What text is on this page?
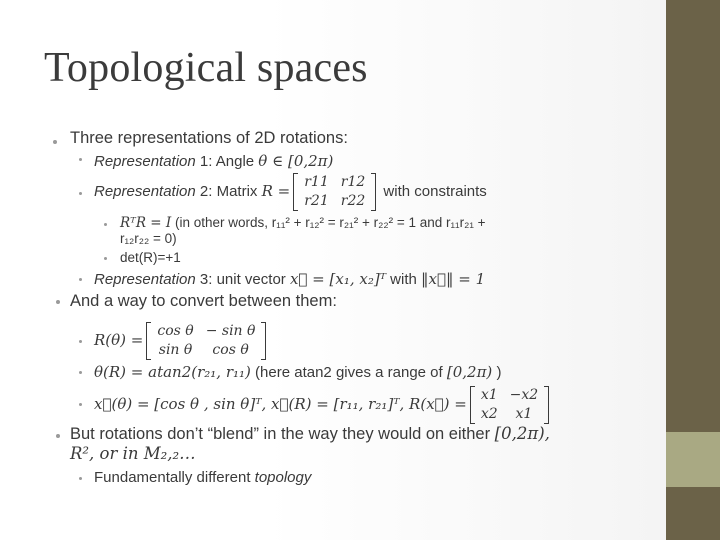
Topological spaces
Three representations of 2D rotations:
Representation 1: Angle θ ∈ [0,2π)
Representation 2: Matrix R = r11	r12
r21	r22
with constraints
RᵀR = I (in other words, r₁₁² + r₁₂² = r₂₁² + r₂₂² = 1 and r₁₁r₂₁ +
r₁₂r₂₂ = 0)
det(R)=+1
Representation 3: unit vector x⃗ = [x₁, x₂]ᵀ with ‖x⃗‖ = 1
And a way to convert between them:
R(θ) = cos θ	− sin θ
sin θ	cos θ
θ(R) = atan2(r₂₁, r₁₁) (here atan2 gives a range of [0,2π) )
x⃗(θ) = [cos θ , sin θ]ᵀ, x⃗(R) = [r₁₁, r₂₁]ᵀ, R(x⃗) = x1	−x2
x2	x1
But rotations don’t “blend” in the way they would on either [0,2π),
R², or in M₂,₂…
Fundamentally different topology
